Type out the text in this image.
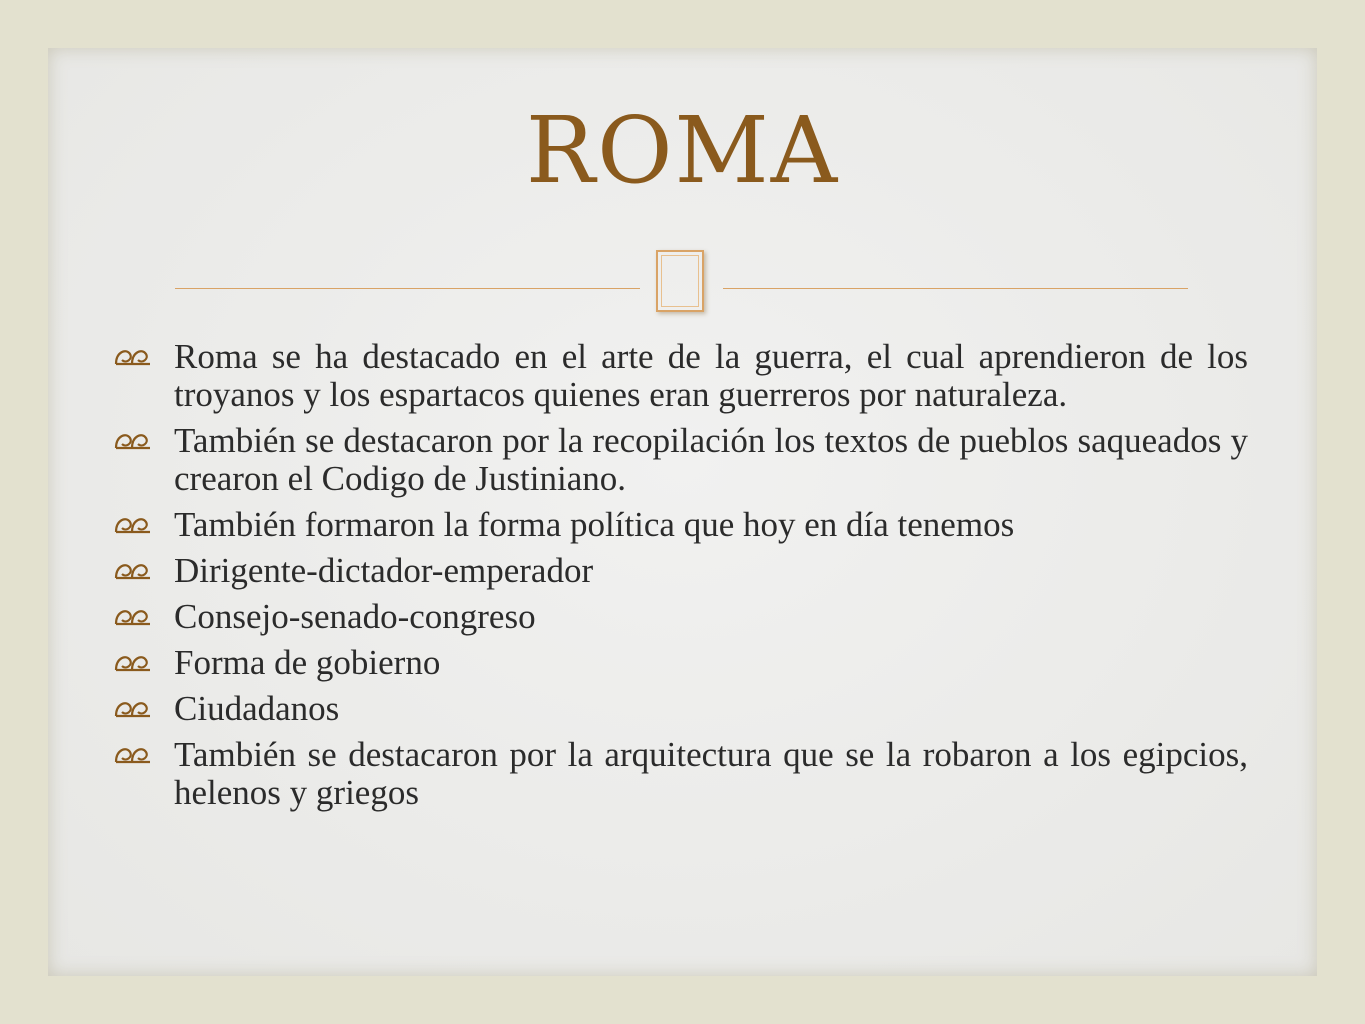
ROMA
Roma se ha destacado en el arte de la guerra, el cual aprendieron de los troyanos y los espartacos quienes eran guerreros por naturaleza.
También se destacaron por la recopilación los textos de pueblos saqueados y crearon el Codigo de Justiniano.
También formaron la forma política que hoy en día tenemos
Dirigente-dictador-emperador
Consejo-senado-congreso
Forma de gobierno
Ciudadanos
También se destacaron por la arquitectura que se la robaron a los egipcios, helenos y griegos
